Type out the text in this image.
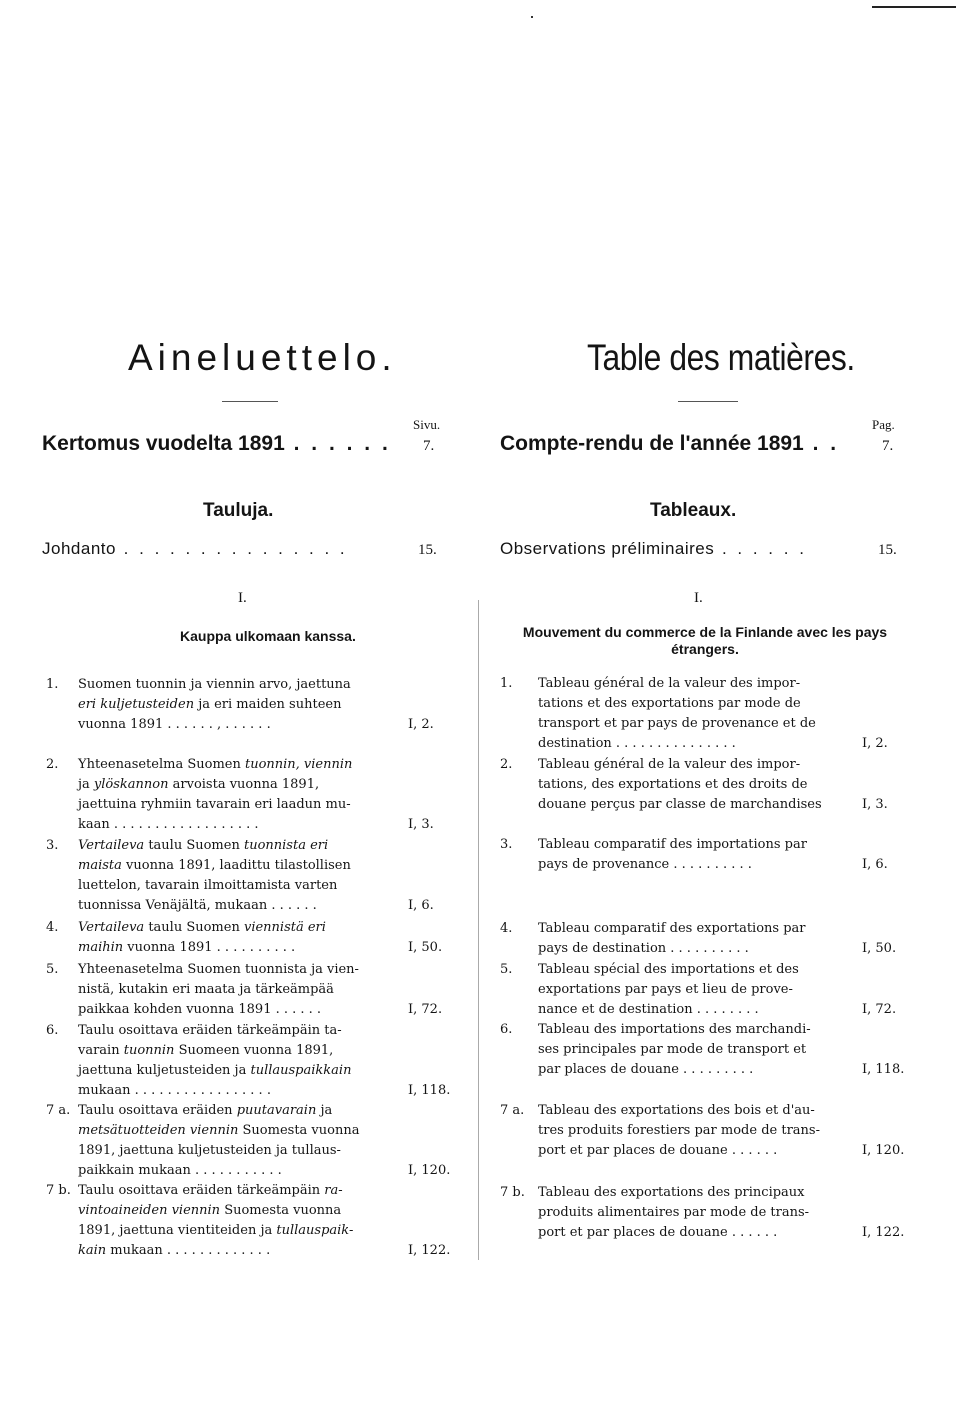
Aineluettelo.	Table des matières.
Sivu.	Pag.
Kertomus vuodelta 1891 . . . . . . 7.	Compte-rendu de l'année 1891 . .	7.
Tauluja.	Tableaux.
Johdanto . . . . . . . . . . . . . . .	15.	Observations préliminaires . . . . . .	15.
I.	I.
Kauppa ulkomaan kanssa.	Mouvement du commerce de la Finlande avec les pays étrangers.
1. Suomen tuonnin ja viennin arvo, jaettuna
eri kuljetusteiden ja eri maiden suhteen
vuonna 1891 . . . . . . , . . . . . .	I, 2.
2. Yhteenasetelma Suomen tuonnin, viennin
ja ylöskannon arvoista vuonna 1891,
jaettuina ryhmiin tavarain eri laadun mu-
kaan . . . . . . . . . . . . . . . . . .	I, 3.
3. Vertaileva taulu Suomen tuonnista eri
maista vuonna 1891, laadittu tilastollisen
luettelon, tavarain ilmoittamista varten
tuonnissa Venäjältä, mukaan . . . . . .	I, 6.
4. Vertaileva taulu Suomen viennistä eri
maihin vuonna 1891 . . . . . . . . . .	I, 50.
5. Yhteenasetelma Suomen tuonnista ja vien-
nistä, kutakin eri maata ja tärkeämpää
paikkaa kohden vuonna 1891 . . . . . .	I, 72.
6. Taulu osoittava eräiden tärkeämpäin ta-
varain tuonnin Suomeen vuonna 1891,
jaettuna kuljetusteiden ja tullauspaikkain
mukaan . . . . . . . . . . . . . . . . .	I, 118.
7 a. Taulu osoittava eräiden puutavarain ja
metsätuotteiden viennin Suomesta vuonna
1891, jaettuna kuljetusteiden ja tullaus-
paikkain mukaan . . . . . . . . . . .	I, 120.
7 b. Taulu osoittava eräiden tärkeämpäin ra-
vintoaineiden viennin Suomesta vuonna
1891, jaettuna vientiteiden ja tullauspaik-
kain mukaan . . . . . . . . . . . . .	I, 122.
1. Tableau général de la valeur des impor-
tations et des exportations par mode de
transport et par pays de provenance et de
destination . . . . . . . . . . . . . . .	I, 2.
2. Tableau général de la valeur des impor-
tations, des exportations et des droits de
douane perçus par classe de marchandises	I, 3.
3. Tableau comparatif des importations par
pays de provenance . . . . . . . . . .	I, 6.
4. Tableau comparatif des exportations par
pays de destination . . . . . . . . . .	I, 50.
5. Tableau spécial des importations et des
exportations par pays et lieu de prove-
nance et de destination . . . . . . . .	I, 72.
6. Tableau des importations des marchandi-
ses principales par mode de transport et
par places de douane . . . . . . . . .	I, 118.
7 a. Tableau des exportations des bois et d'au-
tres produits forestiers par mode de trans-
port et par places de douane . . . . . .	I, 120.
7 b. Tableau des exportations des principaux
produits alimentaires par mode de trans-
port et par places de douane . . . . . .	I, 122.
